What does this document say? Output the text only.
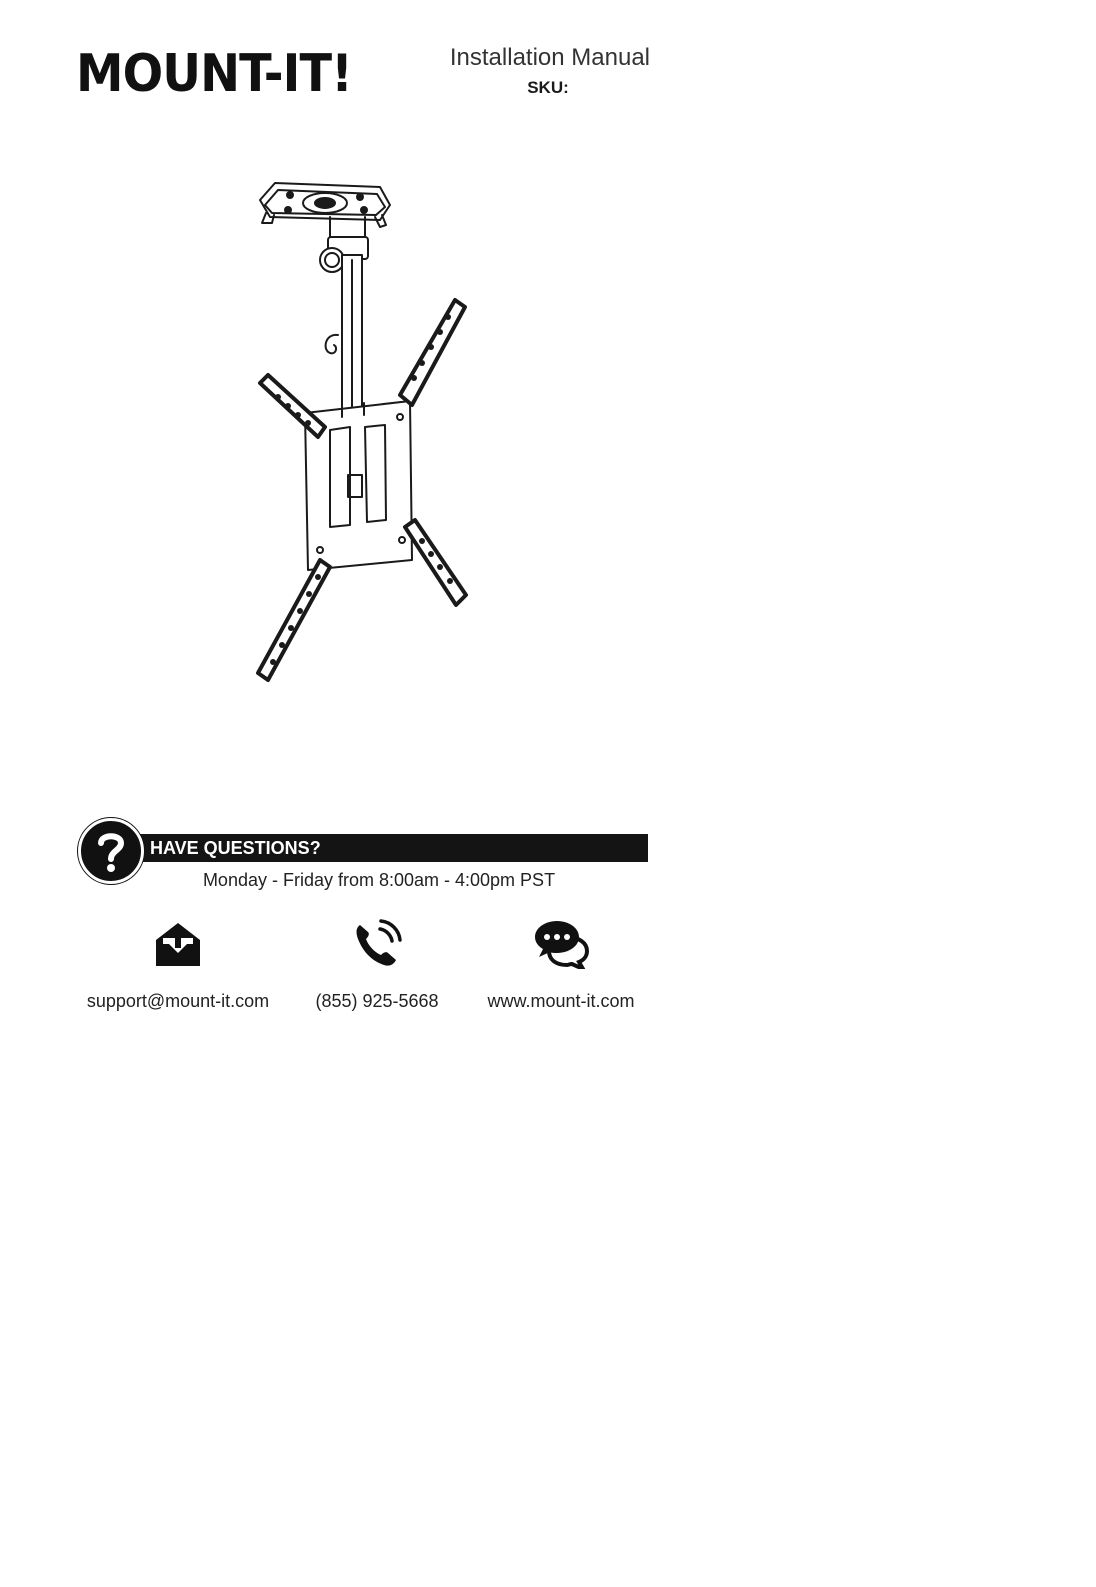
MOUNT-IT!	Installation Manual
SKU:
HAVE QUESTIONS?
Monday - Friday from 8:00am - 4:00pm PST
support@mount-it.com	(855) 925-5668	www.mount-it.com
